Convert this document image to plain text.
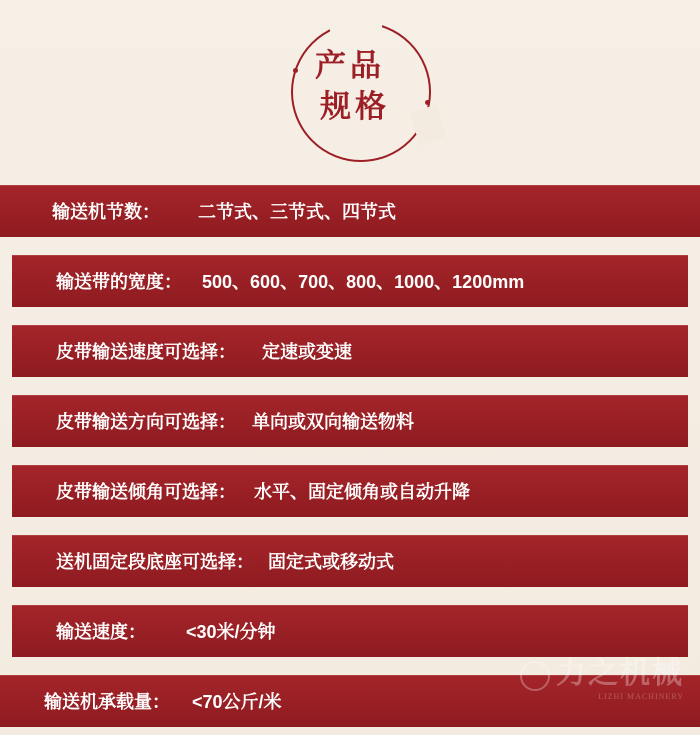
产品
规格
输送机节数：	二节式、三节式、四节式
输送带的宽度：	500、600、700、800、1000、1200mm
皮带输送速度可选择：	定速或变速
皮带输送方向可选择： 单向或双向输送物料
皮带输送倾角可选择：	水平、固定倾角或自动升降
送机固定段底座可选择： 固定式或移动式
输送速度：	<30米/分钟
输送机承载量：	<70公斤/米
力之机械
LIZHI MACHINERY
